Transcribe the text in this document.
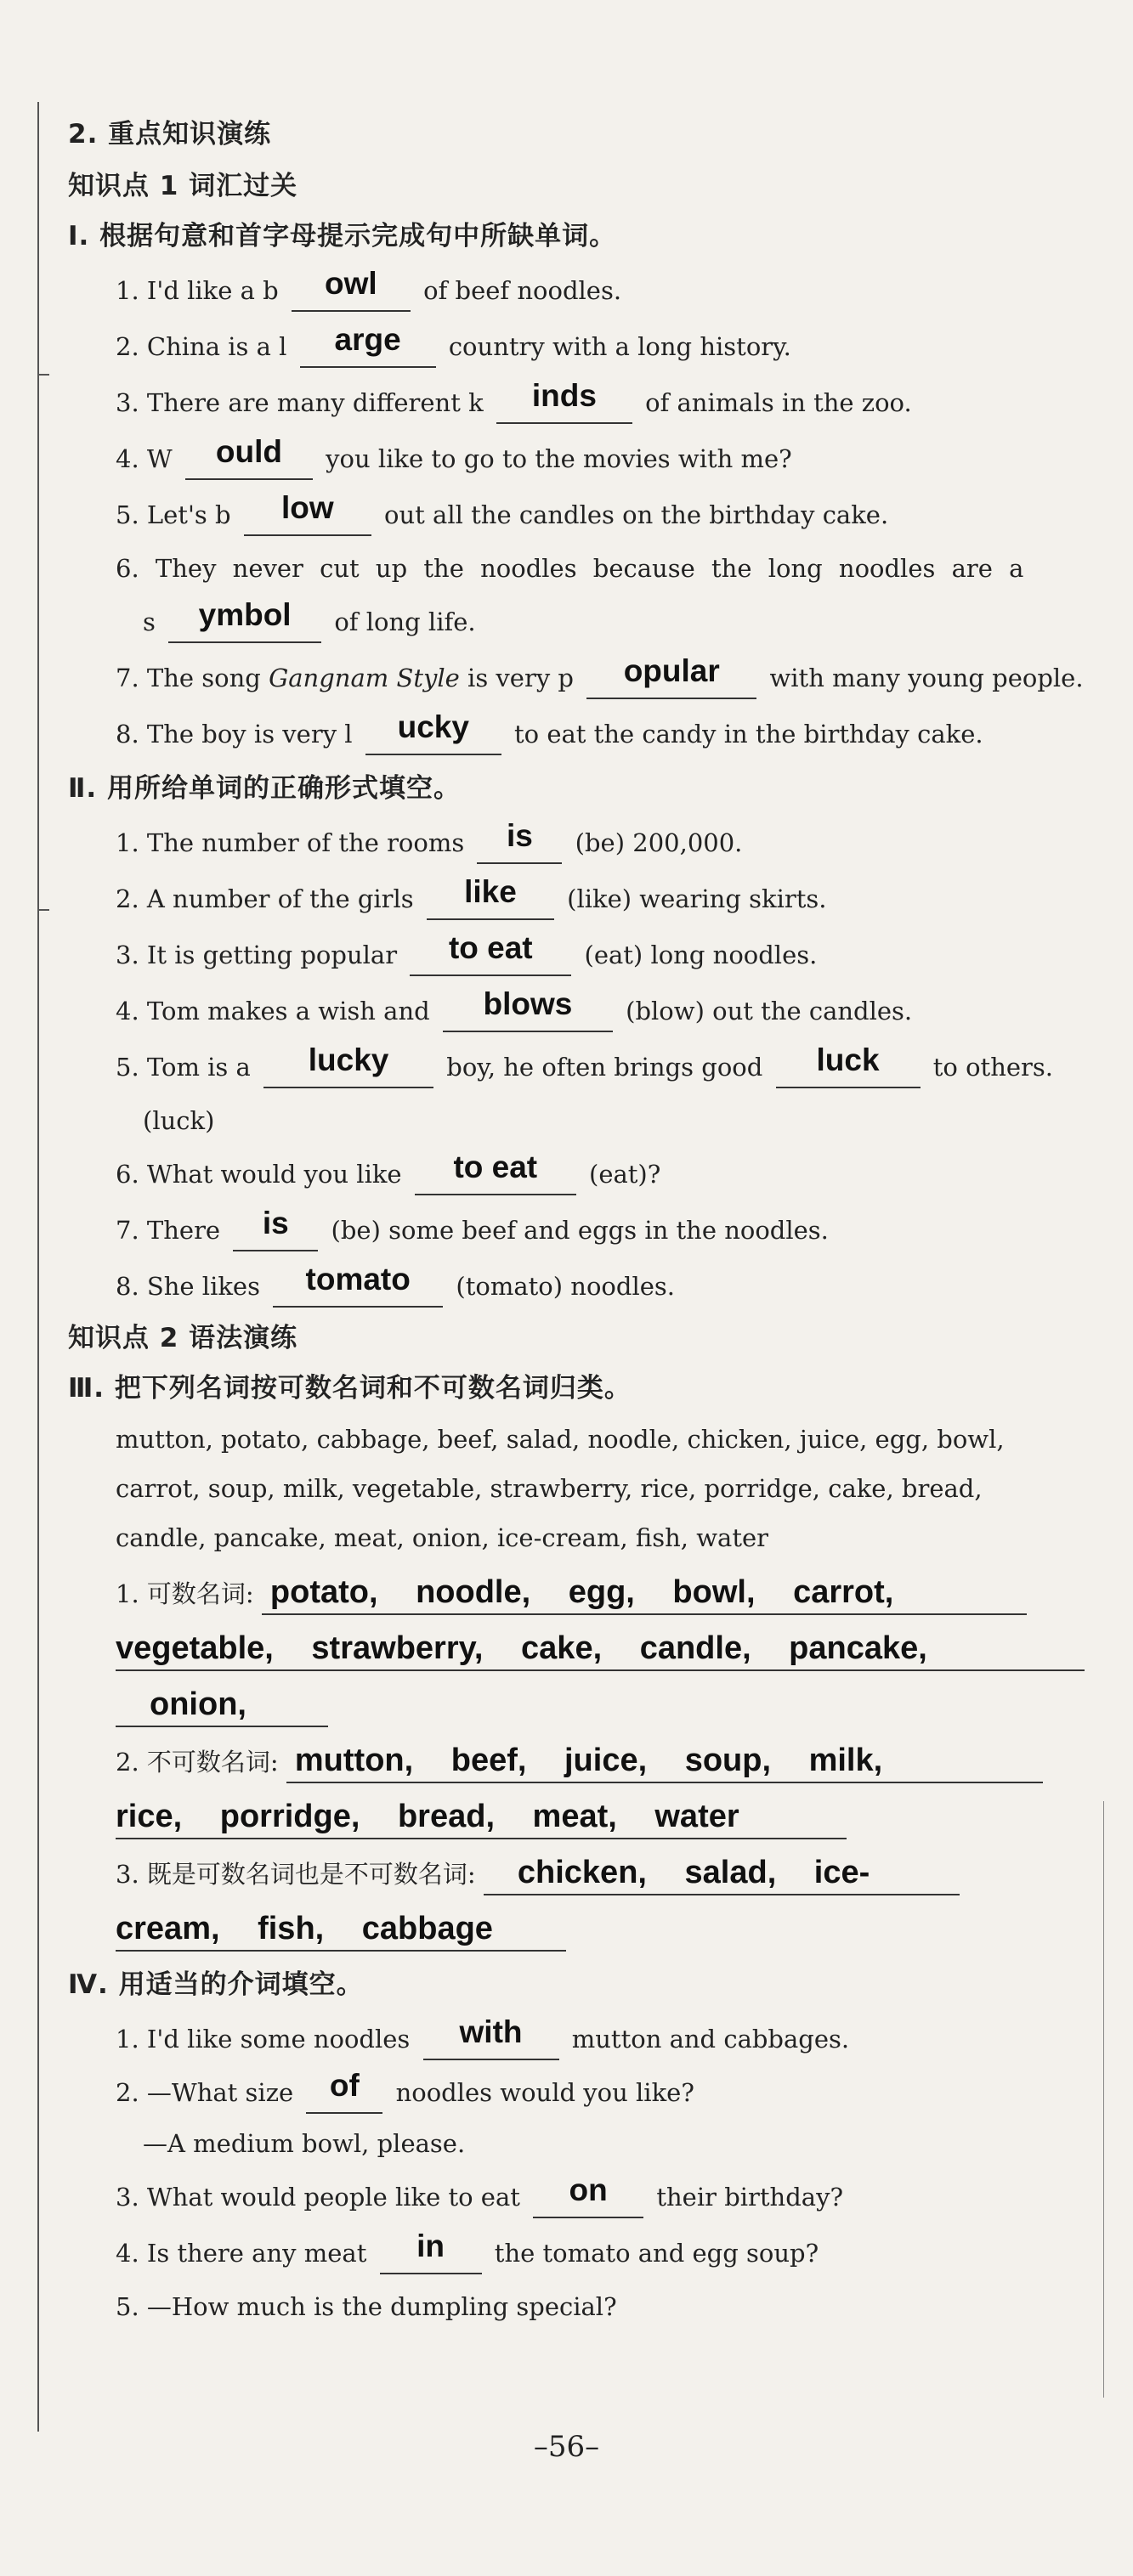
2. 重点知识演练
知识点 1 词汇过关
Ⅰ. 根据句意和首字母提示完成句中所缺单词。
1. I'd like a b owl of beef noodles.
2. China is a l arge country with a long history.
3. There are many different k inds of animals in the zoo.
4. W ould you like to go to the movies with me?
5. Let's b low out all the candles on the birthday cake.
6. They never cut up the noodles because the long noodles are a
s ymbol of long life.
7. The song Gangnam Style is very p opular with many young people.
8. The boy is very l ucky to eat the candy in the birthday cake.
Ⅱ. 用所给单词的正确形式填空。
1. The number of the rooms is (be) 200,000.
2. A number of the girls like (like) wearing skirts.
3. It is getting popular to eat (eat) long noodles.
4. Tom makes a wish and blows (blow) out the candles.
5. Tom is a lucky boy, he often brings good luck to others.
(luck)
6. What would you like to eat (eat)?
7. There is (be) some beef and eggs in the noodles.
8. She likes tomato (tomato) noodles.
知识点 2 语法演练
Ⅲ. 把下列名词按可数名词和不可数名词归类。
mutton, potato, cabbage, beef, salad, noodle, chicken, juice, egg, bowl,
carrot, soup, milk, vegetable, strawberry, rice, porridge, cake, bread,
candle, pancake, meat, onion, ice-cream, fish, water
1. 可数名词: potato, noodle, egg, bowl, carrot,
vegetable, strawberry, cake, candle, pancake,
onion,
2. 不可数名词: mutton, beef, juice, soup, milk,
rice, porridge, bread, meat, water
3. 既是可数名词也是不可数名词: chicken, salad, ice-
cream, fish, cabbage
Ⅳ. 用适当的介词填空。
1. I'd like some noodles with mutton and cabbages.
2. —What size of noodles would you like?
—A medium bowl, please.
3. What would people like to eat on their birthday?
4. Is there any meat in the tomato and egg soup?
5. —How much is the dumpling special?
–56–
